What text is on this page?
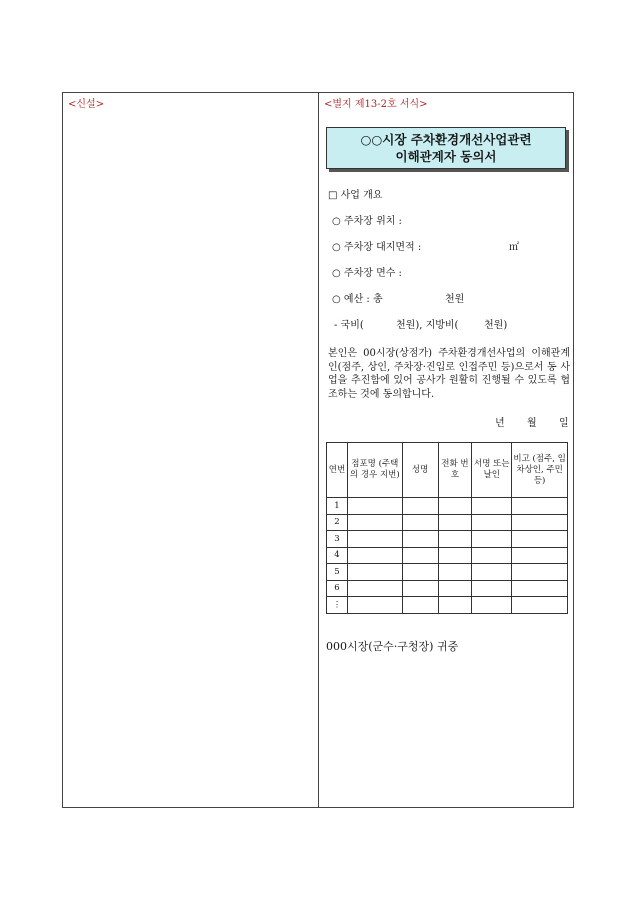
<신설>	<별지 제13-2호 서식>
○○시장 주차환경개선사업관련
이해관계자 동의서
□ 사업 개요
○ 주차장 위치 :
○ 주차장 대지면적 :	㎡
○ 주차장 면수 :
○ 예산 : 총	천원
- 국비(	천원), 지방비(	천원)
본인은 00시장(상점가) 주차환경개선사업의 이해관계인(점주, 상인, 주차장·진입로 인접주민 등)으로서 동 사업을 추진함에 있어 공사가 원활히 진행될 수 있도록 협조하는 것에 동의합니다.
년 월 일
연번	점포명 (주택의 경우 지번)	성명	전화 번호	서명 또는 날인	비고 (점주, 임차상인, 주민 등)
1					
2					
3					
4					
5					
6					
⋮					
000시장(군수·구청장) 귀중
